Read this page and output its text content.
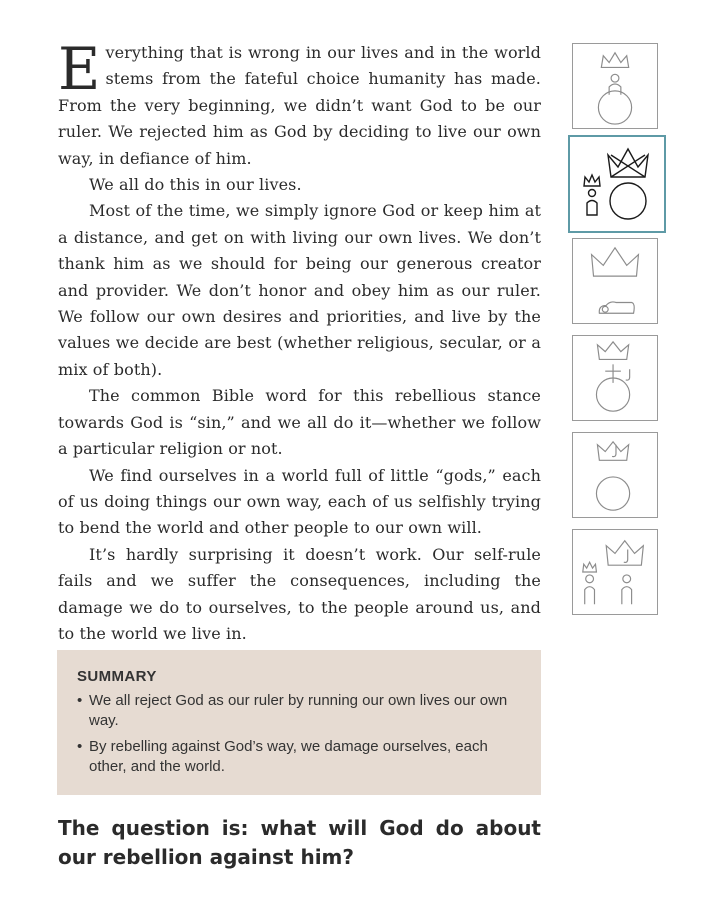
Everything that is wrong in our lives and in the world stems from the fateful choice humanity has made. From the very beginning, we didn’t want God to be our ruler. We rejected him as God by deciding to live our own way, in defiance of him.

We all do this in our lives.

Most of the time, we simply ignore God or keep him at a distance, and get on with living our own lives. We don’t thank him as we should for being our generous creator and provider. We don’t honor and obey him as our ruler. We follow our own desires and priorities, and live by the values we decide are best (whether religious, secular, or a mix of both).

The common Bible word for this rebellious stance towards God is “sin,” and we all do it—whether we follow a particular religion or not.

We find ourselves in a world full of little “gods,” each of us doing things our own way, each of us selfishly trying to bend the world and other people to our own will.

It’s hardly surprising it doesn’t work. Our self-rule fails and we suffer the consequences, including the damage we do to ourselves, to the people around us, and to the world we live in.

SUMMARY
• We all reject God as our ruler by running our own lives our own way.
• By rebelling against God’s way, we damage ourselves, each other, and the world.
The question is: what will God do about our rebellion against him?
